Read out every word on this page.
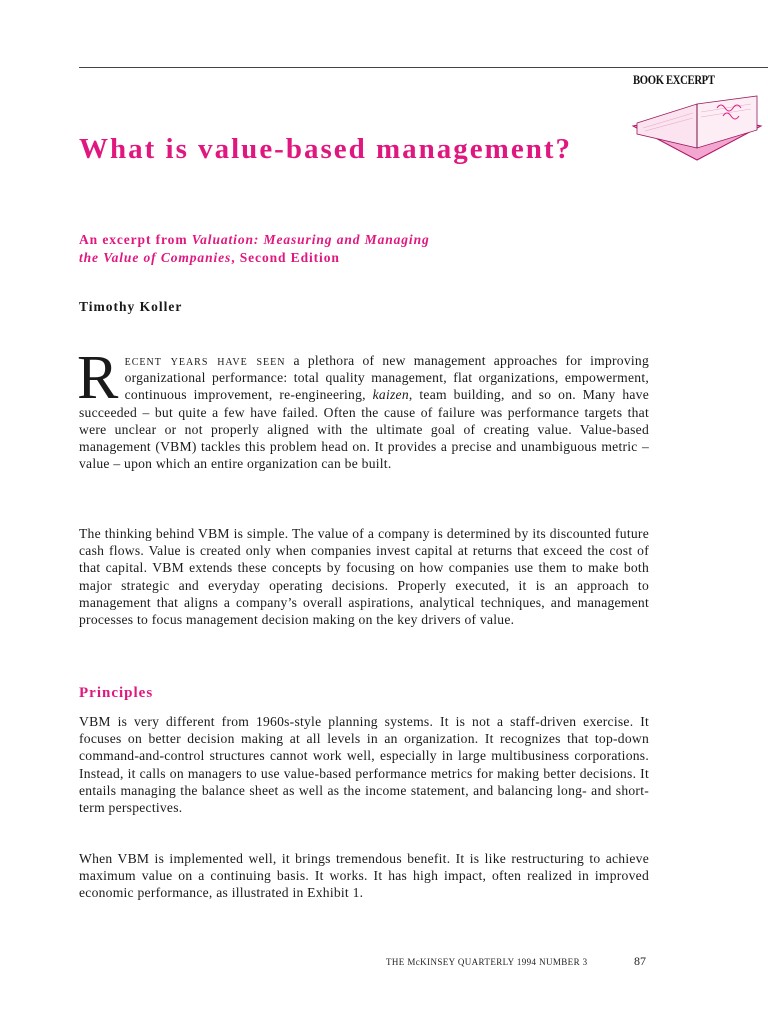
BOOK EXCERPT
What is value-based management?

An excerpt from Valuation: Measuring and Managing
the Value of Companies, Second Edition

Timothy Koller

Recent years have seen a plethora of new management approaches for improving organizational performance: total quality management, flat organizations, empowerment, continuous improvement, re-engineering, kaizen, team building, and so on. Many have succeeded – but quite a few have failed. Often the cause of failure was performance targets that were unclear or not properly aligned with the ultimate goal of creating value. Value-based management (VBM) tackles this problem head on. It provides a precise and unambiguous metric – value – upon which an entire organization can be built.

The thinking behind VBM is simple. The value of a company is determined by its discounted future cash flows. Value is created only when companies invest capital at returns that exceed the cost of that capital. VBM extends these concepts by focusing on how companies use them to make both major strategic and everyday operating decisions. Properly executed, it is an approach to management that aligns a company’s overall aspirations, analytical techniques, and management processes to focus management decision making on the key drivers of value.

Principles

VBM is very different from 1960s-style planning systems. It is not a staff-driven exercise. It focuses on better decision making at all levels in an organization. It recognizes that top-down command-and-control structures cannot work well, especially in large multibusiness corporations. Instead, it calls on managers to use value-based performance metrics for making better decisions. It entails managing the balance sheet as well as the income statement, and balancing long- and short-term perspectives.

When VBM is implemented well, it brings tremendous benefit. It is like restructuring to achieve maximum value on a continuing basis. It works. It has high impact, often realized in improved economic performance, as illustrated in Exhibit 1.

THE McKINSEY QUARTERLY 1994 NUMBER 3	87
